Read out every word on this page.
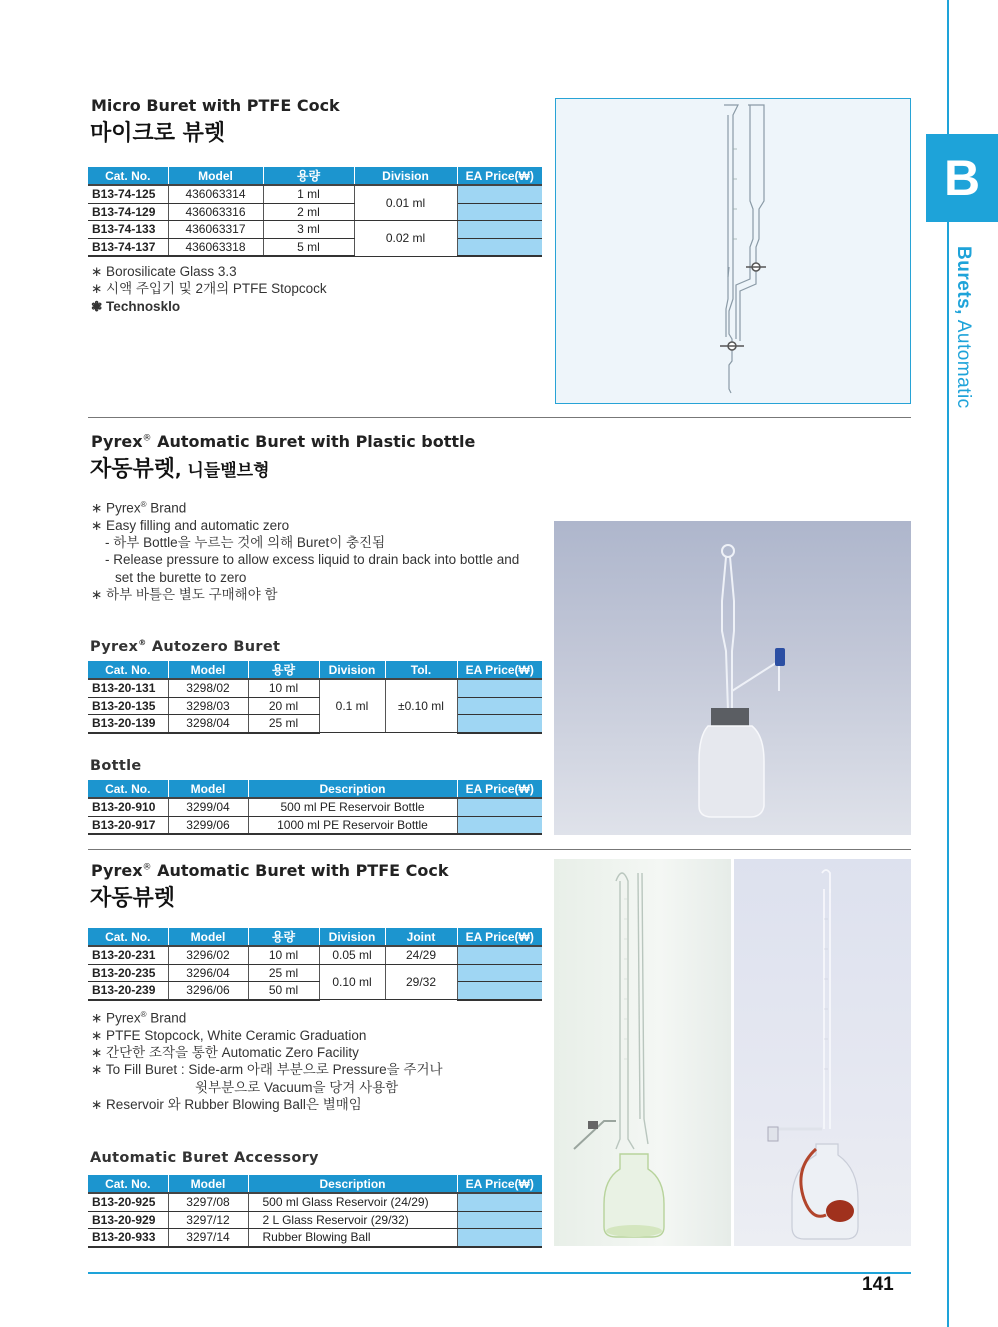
B
Burets, Automatic
Micro Buret with PTFE Cock
마이크로 뷰렛
Cat. No.	Model	용량	Division	EA Price(₩)
B13-74-125	436063314	1 ml	0.01 ml	
B13-74-129	436063316	2 ml		
B13-74-133	436063317	3 ml	0.02 ml	
B13-74-137	436063318	5 ml		
∗ Borosilicate Glass 3.3
∗ 시액 주입기 및 2개의 PTFE Stopcock
❃ Technosklo
Pyrex® Automatic Buret with Plastic bottle
자동뷰렛, 니들밸브형
∗ Pyrex® Brand
∗ Easy filling and automatic zero
- 하부 Bottle을 누르는 것에 의해 Buret이 충진됨
- Release pressure to allow excess liquid to drain back into bottle and
set the burette to zero
∗ 하부 바틀은 별도 구매해야 함
Pyrex® Autozero Buret
Cat. No.	Model	용량	Division	Tol.	EA Price(₩)
B13-20-131	3298/02	10 ml	0.1 ml	±0.10 ml	
B13-20-135	3298/03	20 ml			
B13-20-139	3298/04	25 ml			
Bottle
Cat. No.	Model	Description	EA Price(₩)
B13-20-910	3299/04	500 ml PE Reservoir Bottle	
B13-20-917	3299/06	1000 ml PE Reservoir Bottle	
Pyrex® Automatic Buret with PTFE Cock
자동뷰렛
Cat. No.	Model	용량	Division	Joint	EA Price(₩)
B13-20-231	3296/02	10 ml	0.05 ml	24/29	
B13-20-235	3296/04	25 ml	0.10 ml	29/32	
B13-20-239	3296/06	50 ml			
∗ Pyrex® Brand
∗ PTFE Stopcock, White Ceramic Graduation
∗ 간단한 조작을 통한 Automatic Zero Facility
∗ To Fill Buret : Side-arm 아래 부분으로 Pressure을 주거나
윗부분으로 Vacuum을 당겨 사용함
∗ Reservoir 와 Rubber Blowing Ball은 별매임
Automatic Buret Accessory
Cat. No.	Model	Description	EA Price(₩)
B13-20-925	3297/08	500 ml Glass Reservoir (24/29)	
B13-20-929	3297/12	2 L Glass Reservoir (29/32)	
B13-20-933	3297/14	Rubber Blowing Ball	
141
